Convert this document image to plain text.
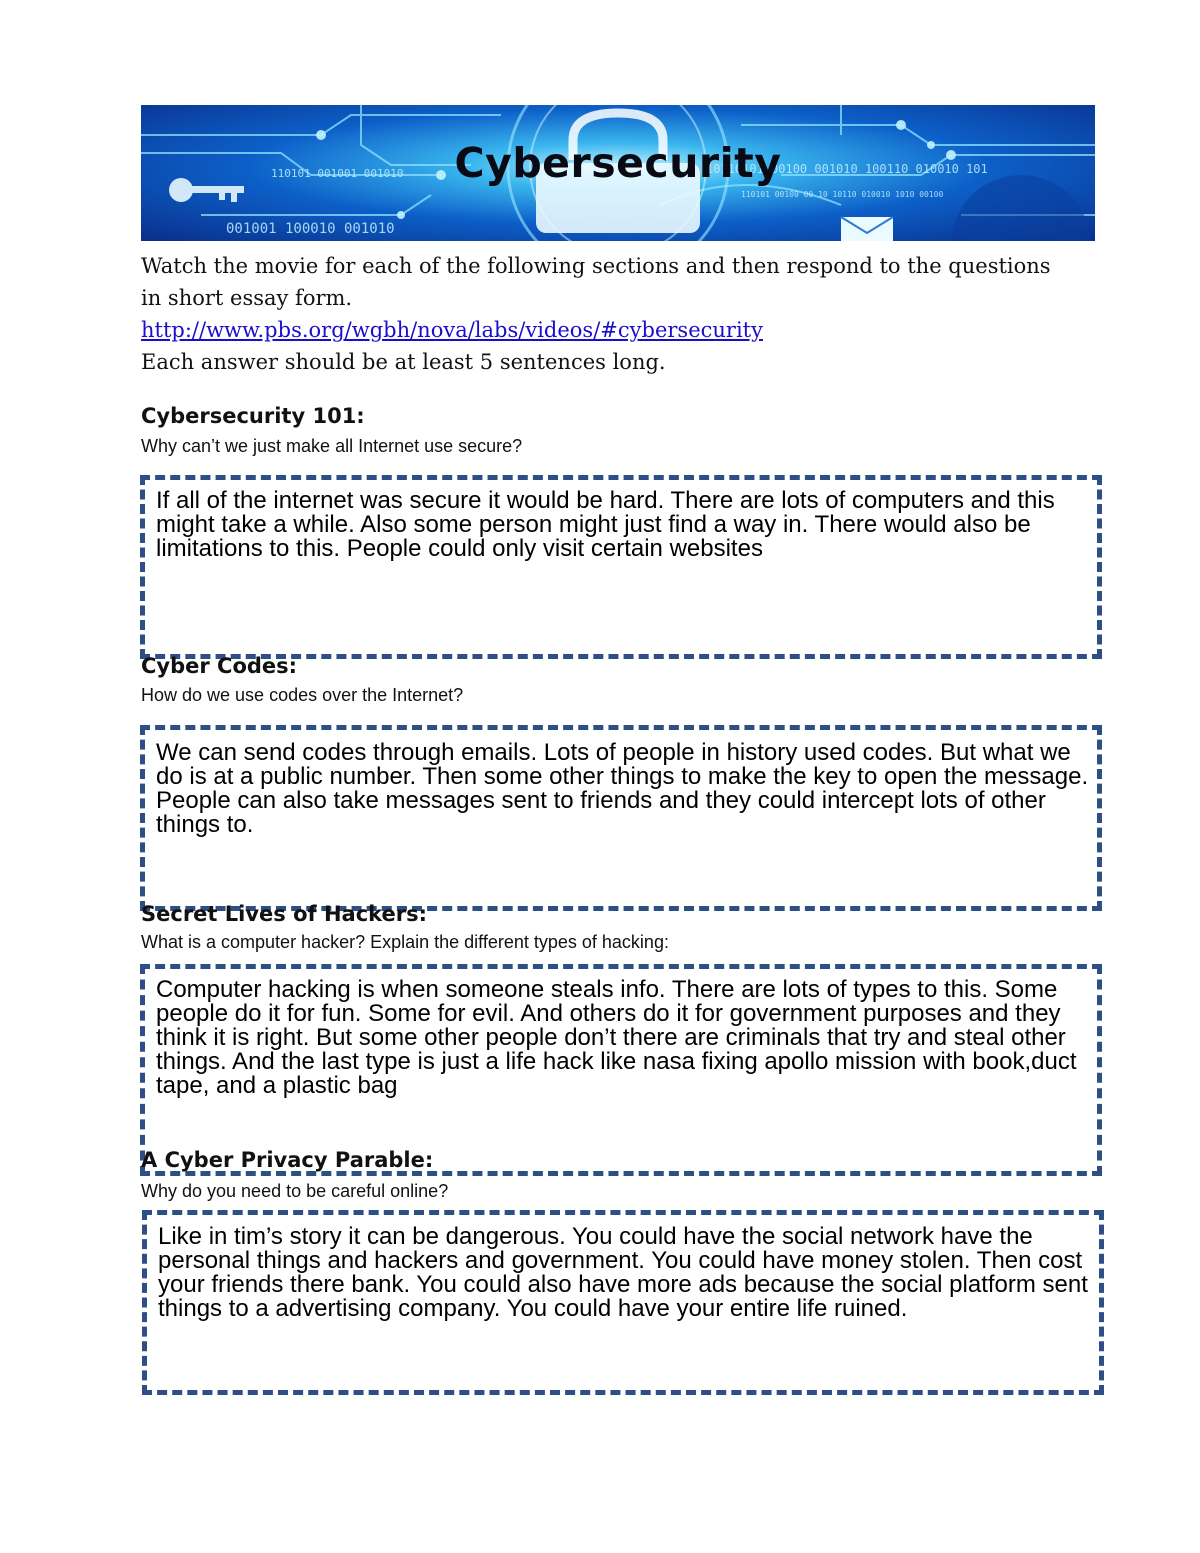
110101 001001 001010
001001 100010 001010
10110101 00100 001010 100110 010010 101
110101 00100 00 10 10110 010010 1010 00100
Cybersecurity
Watch the movie for each of the following sections and then respond to the questions in short essay form.
http://www.pbs.org/wgbh/nova/labs/videos/#cybersecurity
Each answer should be at least 5 sentences long.
Cybersecurity 101:
Why can’t we just make all Internet use secure?
If all of the internet was secure it would be hard. There are lots of computers and this might take a while. Also some person might just find a way in. There would also be limitations to this. People could only visit certain websites
Cyber Codes:
How do we use codes over the Internet?
We can send codes through emails. Lots of people in history used codes. But what we do is at a public number. Then some other things to make the key to open the message. People can also take messages sent to friends and they could intercept lots of other things to.
Secret Lives of Hackers:
What is a computer hacker? Explain the different types of hacking:
Computer hacking is when someone steals info. There are lots of types to this. Some people do it for fun. Some for evil. And others do it for government purposes and they think it is right. But some other people don’t there are criminals that try and steal other things. And the last type is just a life hack like nasa fixing apollo mission with book,duct tape, and a plastic bag
A Cyber Privacy Parable:
Why do you need to be careful online?
Like in tim’s story it can be dangerous. You could have the social network have the personal things and hackers and government. You could have money stolen. Then cost your friends there bank. You could also have more ads because the social platform sent things to a advertising company. You could have your entire life ruined.
